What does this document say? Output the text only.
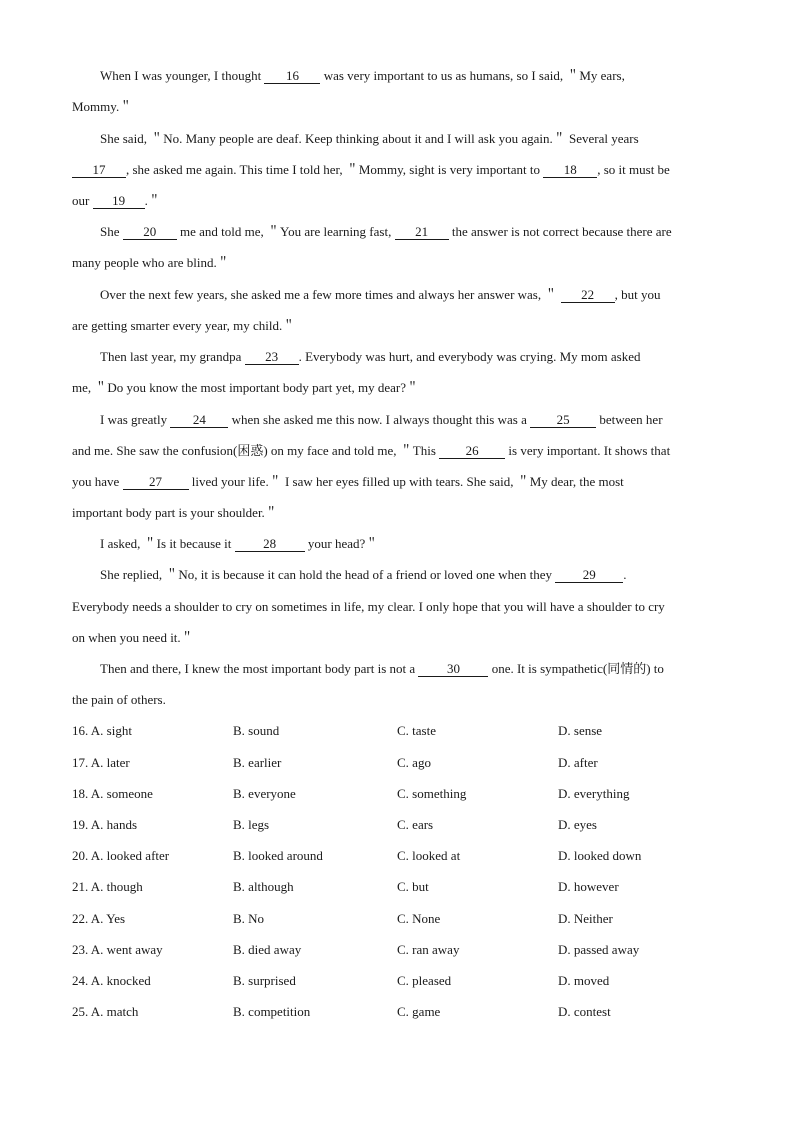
When I was younger, I thought 16 was very important to us as humans, so I said, ＂My ears,
Mommy.＂
She said, ＂No. Many people are deaf. Keep thinking about it and I will ask you again.＂ Several years
17 , she asked me again. This time I told her, ＂Mommy, sight is very important to 18 , so it must be
our 19 .＂
She 20 me and told me, ＂You are learning fast, 21 the answer is not correct because there are
many people who are blind.＂
Over the next few years, she asked me a few more times and always her answer was, ＂ 22 , but you
are getting smarter every year, my child.＂
Then last year, my grandpa 23 . Everybody was hurt, and everybody was crying. My mom asked
me, ＂Do you know the most important body part yet, my dear?＂
I was greatly 24 when she asked me this now. I always thought this was a 25 between her
and me. She saw the confusion(困惑) on my face and told me, ＂This 26 is very important. It shows that
you have 27 lived your life.＂ I saw her eyes filled up with tears. She said, ＂My dear, the most
important body part is your shoulder.＂
I asked, ＂Is it because it 28 your head?＂
She replied, ＂No, it is because it can hold the head of a friend or loved one when they 29 .
Everybody needs a shoulder to cry on sometimes in life, my clear. I only hope that you will have a shoulder to cry
on when you need it.＂
Then and there, I knew the most important body part is not a 30 one. It is sympathetic(同情的) to
the pain of others.
16. A. sight	B. sound	C. taste	D. sense
17. A. later	B. earlier	C. ago	D. after
18. A. someone	B. everyone	C. something	D. everything
19. A. hands	B. legs	C. ears	D. eyes
20. A. looked after	B. looked around	C. looked at	D. looked down
21. A. though	B. although	C. but	D. however
22. A. Yes	B. No	C. None	D. Neither
23. A. went away	B. died away	C. ran away	D. passed away
24. A. knocked	B. surprised	C. pleased	D. moved
25. A. match	B. competition	C. game	D. contest
